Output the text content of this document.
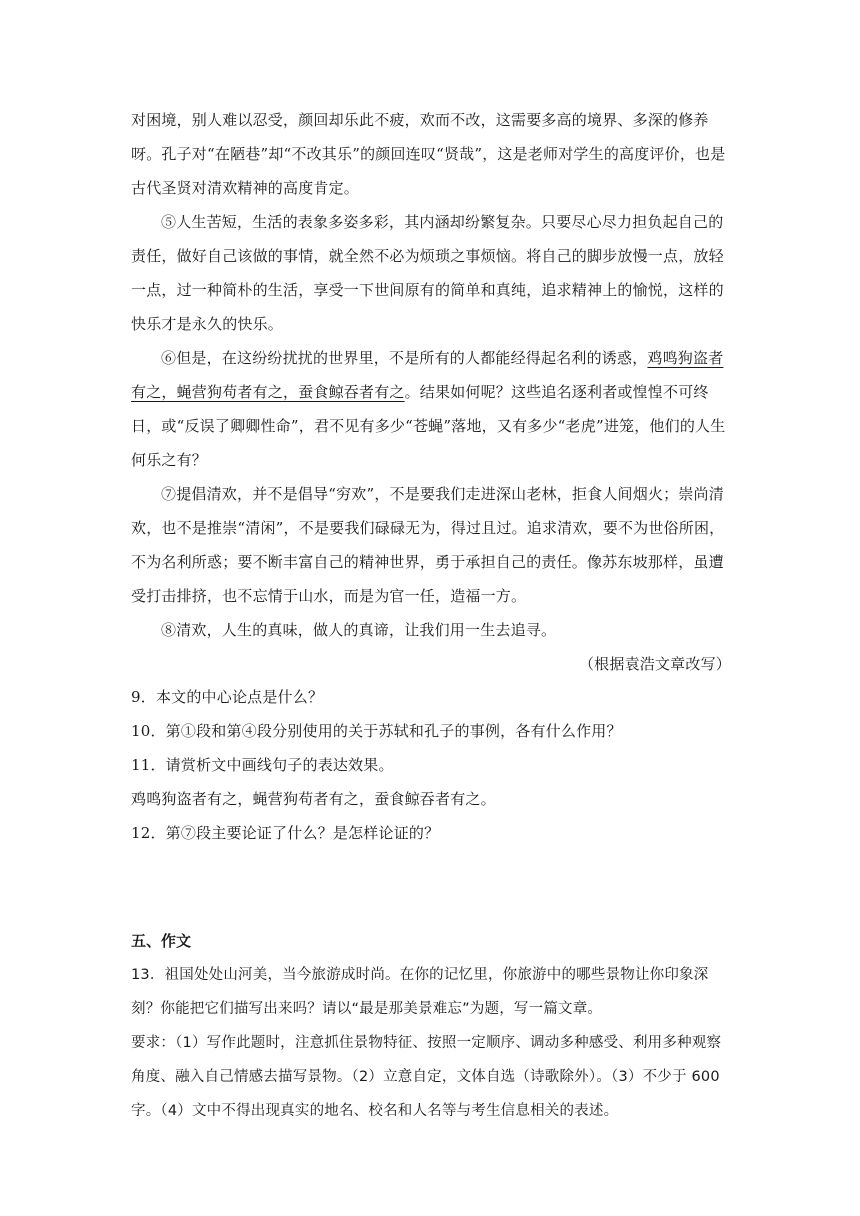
对困境，别人难以忍受，颜回却乐此不疲，欢而不改，这需要多高的境界、多深的修养呀。孔子对“在陋巷”却“不改其乐”的颜回连叹“贤哉”，这是老师对学生的高度评价，也是古代圣贤对清欢精神的高度肯定。

⑤人生苦短，生活的表象多姿多彩，其内涵却纷繁复杂。只要尽心尽力担负起自己的责任，做好自己该做的事情，就全然不必为烦琐之事烦恼。将自己的脚步放慢一点，放轻一点，过一种简朴的生活，享受一下世间原有的简单和真纯，追求精神上的愉悦，这样的快乐才是永久的快乐。

⑥但是，在这纷纷扰扰的世界里，不是所有的人都能经得起名利的诱惑，鸡鸣狗盗者有之，蝇营狗苟者有之，蚕食鲸吞者有之。结果如何呢？这些追名逐利者或惶惶不可终日，或“反误了卿卿性命”，君不见有多少“苍蝇”落地，又有多少“老虎”进笼，他们的人生何乐之有？

⑦提倡清欢，并不是倡导“穷欢”，不是要我们走进深山老林，拒食人间烟火；崇尚清欢，也不是推崇“清闲”，不是要我们碌碌无为，得过且过。追求清欢，要不为世俗所困，不为名利所惑；要不断丰富自己的精神世界，勇于承担自己的责任。像苏东坡那样，虽遭受打击排挤，也不忘情于山水，而是为官一任，造福一方。

⑧清欢，人生的真味，做人的真谛，让我们用一生去追寻。

（根据袁浩文章改写）

9．本文的中心论点是什么？

10．第①段和第④段分别使用的关于苏轼和孔子的事例，各有什么作用？

11．请赏析文中画线句子的表达效果。

鸡鸣狗盗者有之，蝇营狗苟者有之，蚕食鲸吞者有之。

12．第⑦段主要论证了什么？是怎样论证的？

五、作文

13．祖国处处山河美，当今旅游成时尚。在你的记忆里，你旅游中的哪些景物让你印象深刻？你能把它们描写出来吗？请以“最是那美景难忘”为题，写一篇文章。

要求：（1）写作此题时，注意抓住景物特征、按照一定顺序、调动多种感受、利用多种观察角度、融入自己情感去描写景物。（2）立意自定，文体自选（诗歌除外）。（3）不少于 600 字。（4）文中不得出现真实的地名、校名和人名等与考生信息相关的表述。
